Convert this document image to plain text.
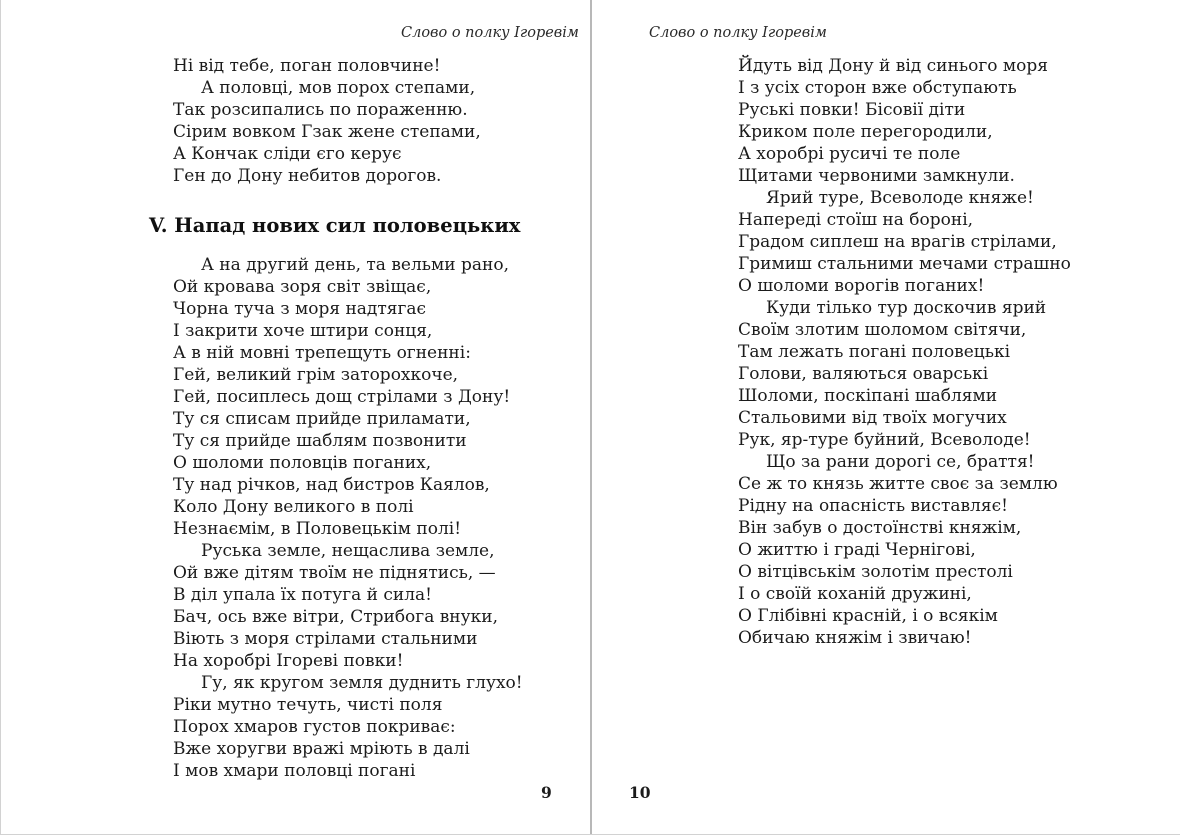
Слово о полку Ігоревім
Ні від тебе, поган половчине!
А половці, мов порох степами,
Так розсипались по пораженню.
Сірим вовком Гзак жене степами,
А Кончак сліди єго керує
Ген до Дону небитов дорогов.
V. Напад нових сил половецьких
А на другий день, та вельми рано,
Ой кровава зоря світ звіщає,
Чорна туча з моря надтягає
І закрити хоче штири сонця,
А в ній мовні трепещуть огненні:
Гей, великий грім заторохкоче,
Гей, посиплесь дощ стрілами з Дону!
Ту ся списам прийде приламати,
Ту ся прийде шаблям позвонити
О шоломи половців поганих,
Ту над річков, над бистров Каялов,
Коло Дону великого в полі
Незнаємім, в Половецькім полі!
Руська земле, нещаслива земле,
Ой вже дітям твоїм не піднятись, —
В діл упала їх потуга й сила!
Бач, ось вже вітри, Стрибога внуки,
Віють з моря стрілами стальними
На хоробрі Ігореві повки!
Гу, як кругом земля дуднить глухо!
Ріки мутно течуть, чисті поля
Порох хмаров густов покриває:
Вже хоругви вражі мріють в далі
І мов хмари половці погані
9
Слово о полку Ігоревім
Йдуть від Дону й від синього моря
І з усіх сторон вже обступають
Руські повки! Бісовії діти
Криком поле перегородили,
А хоробрі русичі те поле
Щитами червоними замкнули.
Ярий туре, Всеволоде княже!
Напереді стоїш на бороні,
Градом сиплеш на врагів стрілами,
Гримиш стальними мечами страшно
О шоломи ворогів поганих!
Куди тілько тур доскочив ярий
Своїм злотим шоломом світячи,
Там лежать погані половецькі
Голови, валяються оварські
Шоломи, поскіпані шаблями
Стальовими від твоїх могучих
Рук, яр-туре буйний, Всеволоде!
Що за рани дорогі се, браття!
Се ж то князь житте своє за землю
Рідну на опасність виставляє!
Він забув о достоїнстві княжім,
О життю і граді Чернігові,
О вітцівськім золотім престолі
І о своїй коханій дружині,
О Глібівні красній, і о всякім
Обичаю княжім і звичаю!
10
